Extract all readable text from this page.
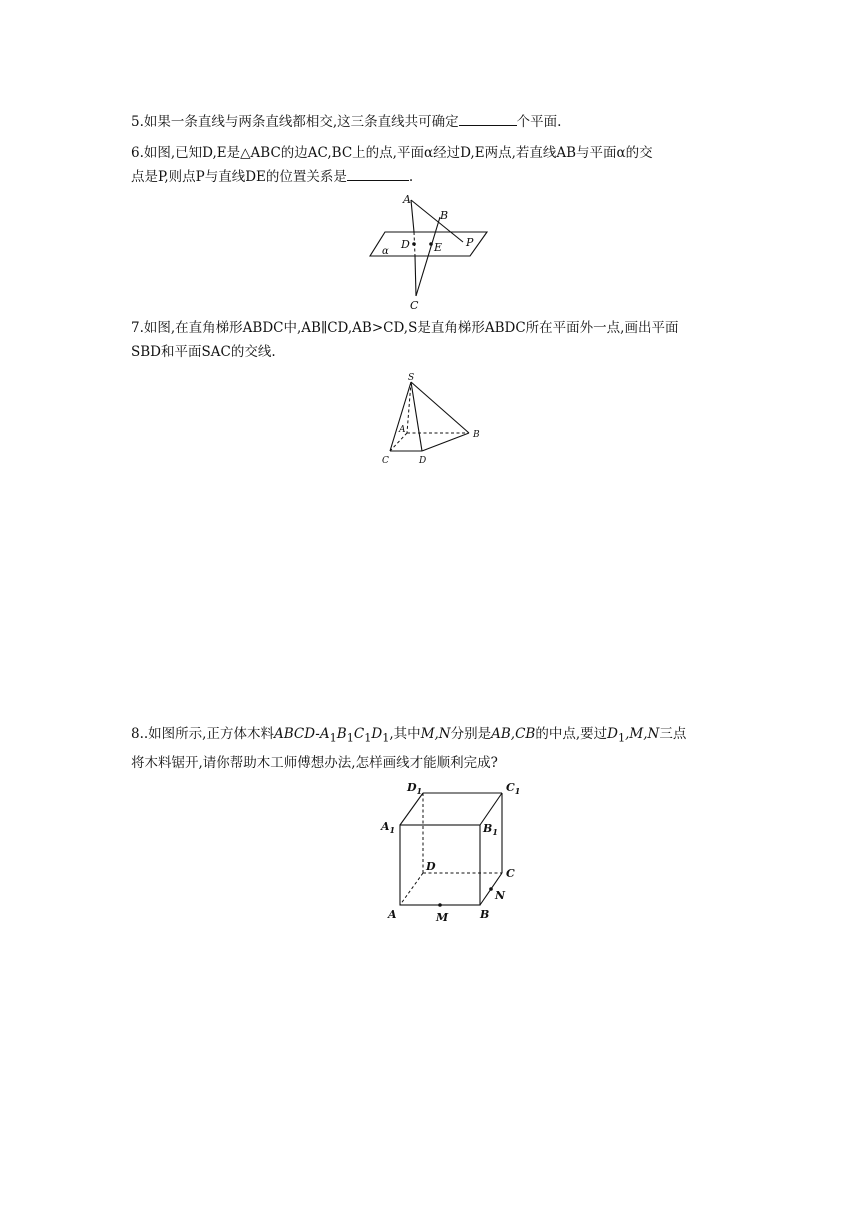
5.如果一条直线与两条直线都相交,这三条直线共可确定	个平面.

6.如图,已知D,E是△ABC的边AC,BC上的点,平面α经过D,E两点,若直线AB与平面α的交
点是P,则点P与直线DE的位置关系是	.

A
B
C
D E P
α

7.如图,在直角梯形ABDC中,AB∥CD,AB>CD,S是直角梯形ABDC所在平面外一点,画出平面
SBD和平面SAC的交线.

S
A	B
C	D

8..如图所示,正方体木料ABCD-$A_1B_1C_1D_1$,其中M,N分别是AB,CB的中点,要过$D_1,M,N$三点
将木料锯开,请你帮助木工师傅想办法,怎样画线才能顺利完成?

$D_1$	$C_1$
$A_1$	$B_1$
D
C
N
A	M	B
